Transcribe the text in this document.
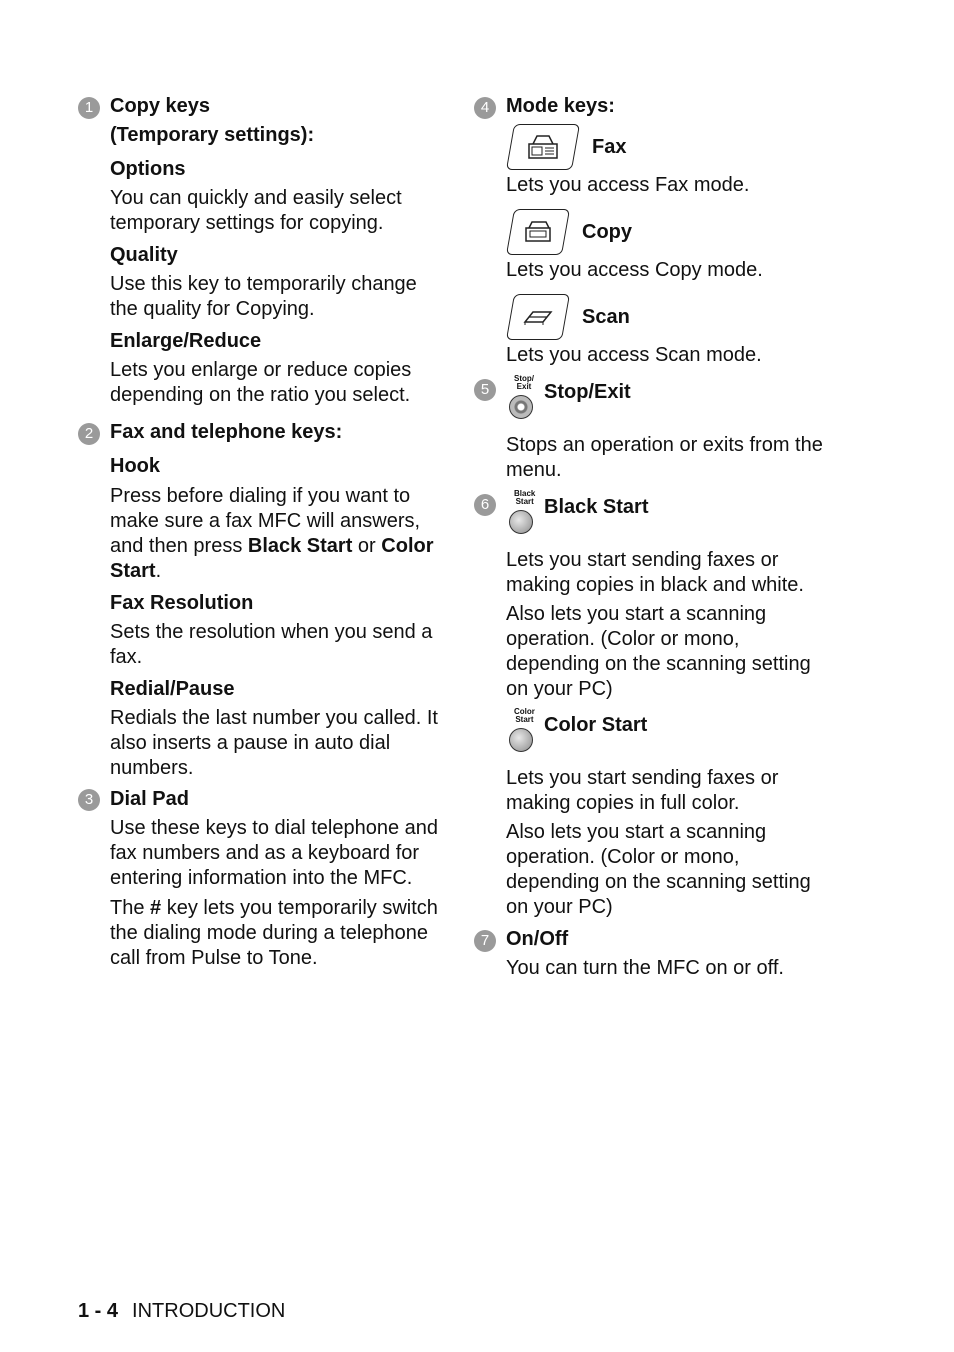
1 Copy keys

(Temporary settings):

Options

You can quickly and easily select temporary settings for copying.

Quality

Use this key to temporarily change the quality for Copying.

Enlarge/Reduce

Lets you enlarge or reduce copies depending on the ratio you select.

2 Fax and telephone keys:

Hook

Press before dialing if you want to make sure a fax MFC will answers, and then press Black Start or Color Start.

Fax Resolution

Sets the resolution when you send a fax.

Redial/Pause

Redials the last number you called. It also inserts a pause in auto dial numbers.

3 Dial Pad

Use these keys to dial telephone and fax numbers and as a keyboard for entering information into the MFC.

The # key lets you temporarily switch the dialing mode during a telephone call from Pulse to Tone.

4 Mode keys:

Fax

Lets you access Fax mode.

Copy

Lets you access Copy mode.

Scan

Lets you access Scan mode.

5
Stop/
Exit Stop/Exit

Stops an operation or exits from the menu.

6
Black
Start Black Start

Lets you start sending faxes or making copies in black and white.

Also lets you start a scanning operation. (Color or mono, depending on the scanning setting on your PC)

Color
Start Color Start

Lets you start sending faxes or making copies in full color.

Also lets you start a scanning operation. (Color or mono, depending on the scanning setting on your PC)

7 On/Off

You can turn the MFC on or off.

1 - 4 INTRODUCTION
